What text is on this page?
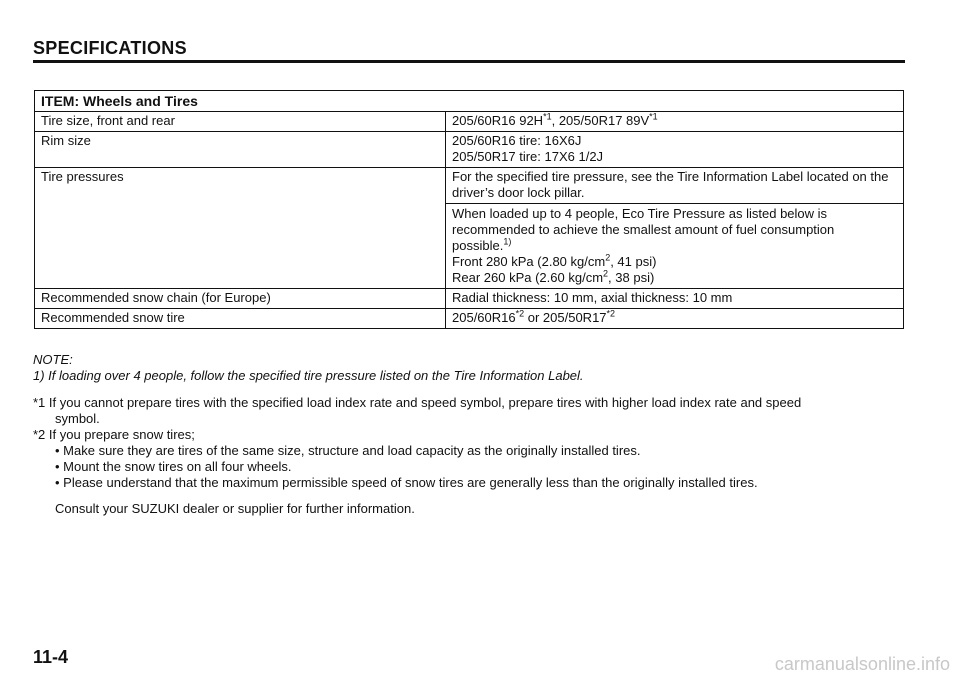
SPECIFICATIONS
ITEM: Wheels and Tires	
Tire size, front and rear	205/60R16 $92H^{*1}$, 205/50R17 $89V^{*1}$
Rim size	205/60R16 tire: 16X6J
205/50R17 tire: 17X6 1/2J

Tire pressures	For the specified tire pressure, see the Tire Information Label located on the driver’s door lock pillar.
When loaded up to 4 people, Eco Tire Pressure as listed below is recommended to achieve the smallest amount of fuel consumption possible.$^{1)}$
Front 280 kPa (2.80 $kg/cm^2$, 41 psi)
Rear 260 kPa (2.60 $kg/cm^2$, 38 psi)

Recommended snow chain (for Europe)	Radial thickness: 10 mm, axial thickness: 10 mm
Recommended snow tire	205/60R16$^{*2}$ or 205/50R17$^{*2}$
NOTE:
1) If loading over 4 people, follow the specified tire pressure listed on the Tire Information Label.
*1 If you cannot prepare tires with the specified load index rate and speed symbol, prepare tires with higher load index rate and speed
symbol.
*2 If you prepare snow tires;
• Make sure they are tires of the same size, structure and load capacity as the originally installed tires.
• Mount the snow tires on all four wheels.
• Please understand that the maximum permissible speed of snow tires are generally less than the originally installed tires.
Consult your SUZUKI dealer or supplier for further information.
11-4	carmanualsonline.info
